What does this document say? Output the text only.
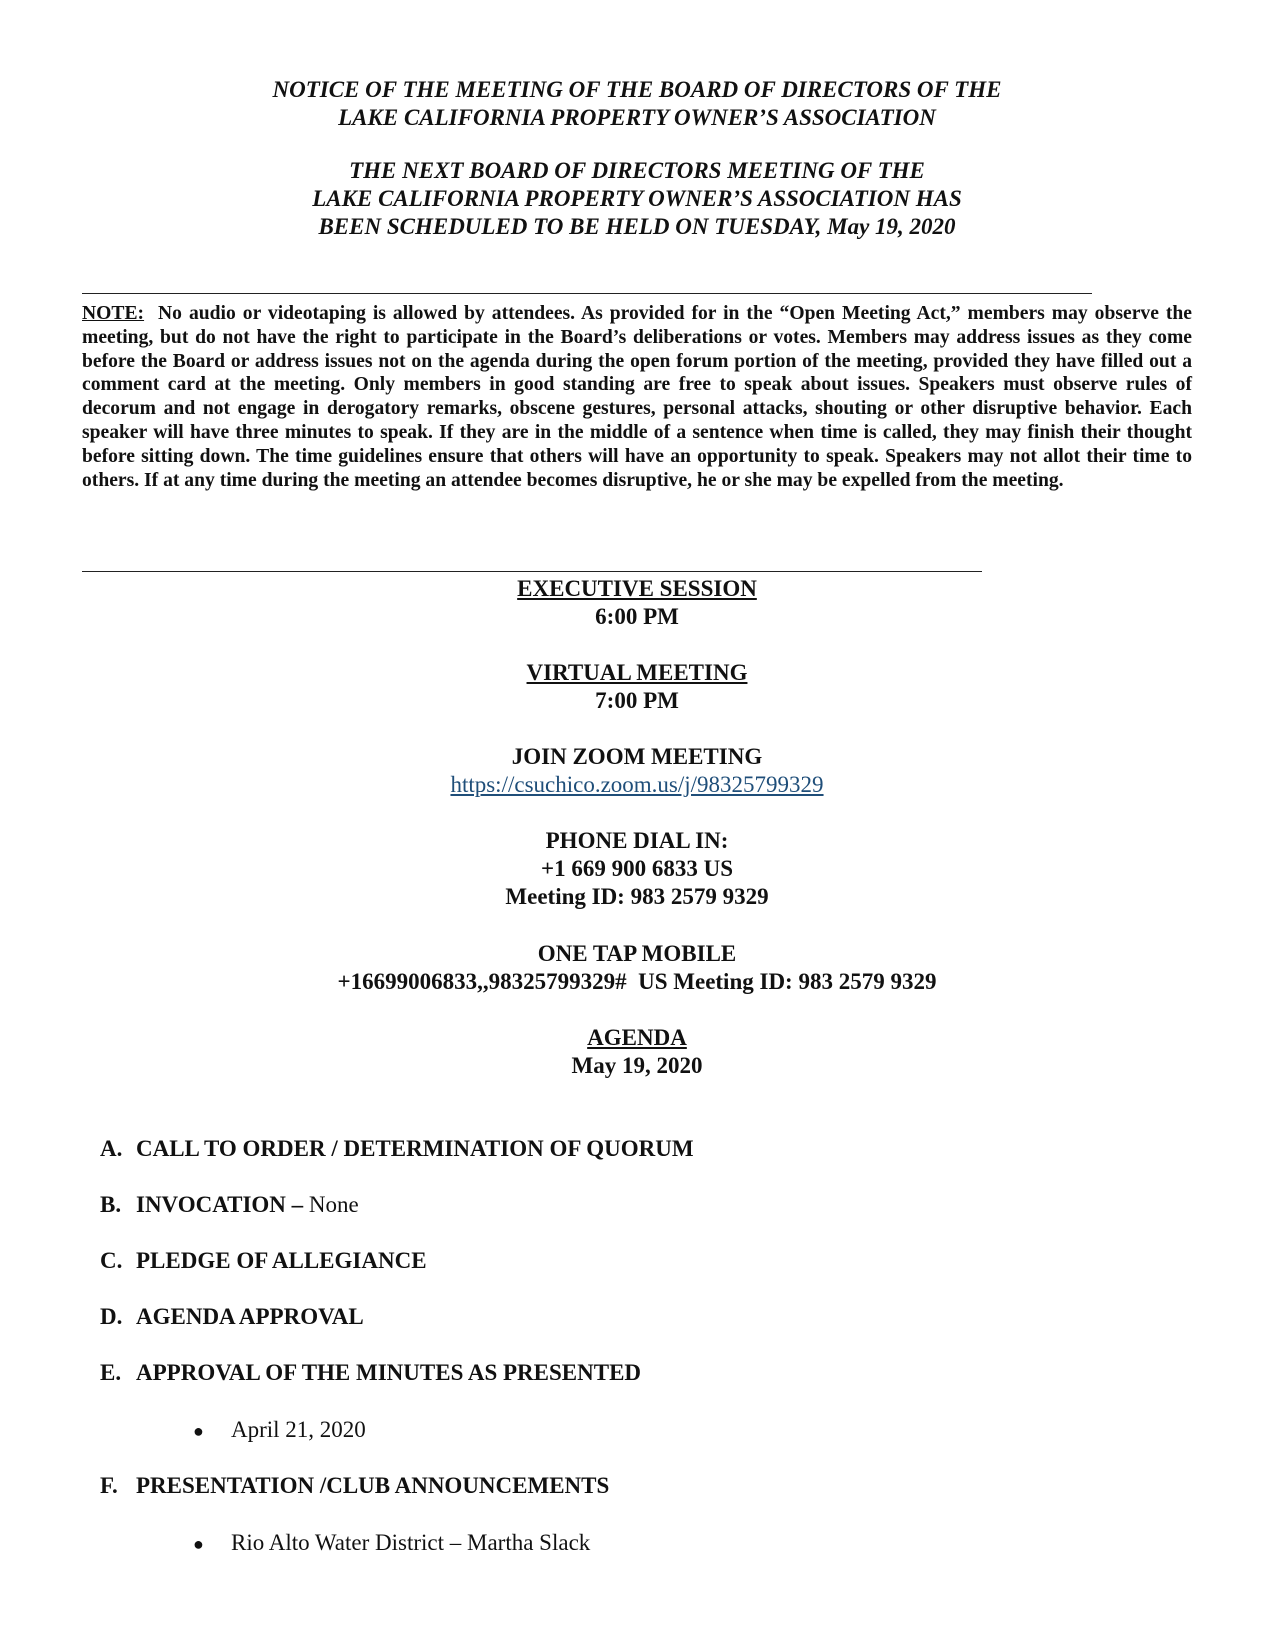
NOTICE OF THE MEETING OF THE BOARD OF DIRECTORS OF THE
LAKE CALIFORNIA PROPERTY OWNER’S ASSOCIATION
THE NEXT BOARD OF DIRECTORS MEETING OF THE
LAKE CALIFORNIA PROPERTY OWNER’S ASSOCIATION HAS
BEEN SCHEDULED TO BE HELD ON TUESDAY, May 19, 2020

NOTE: No audio or videotaping is allowed by attendees. As provided for in the “Open Meeting Act,” members may observe the meeting, but do not have the right to participate in the Board’s deliberations or votes. Members may address issues as they come before the Board or address issues not on the agenda during the open forum portion of the meeting, provided they have filled out a comment card at the meeting. Only members in good standing are free to speak about issues. Speakers must observe rules of decorum and not engage in derogatory remarks, obscene gestures, personal attacks, shouting or other disruptive behavior. Each speaker will have three minutes to speak. If they are in the middle of a sentence when time is called, they may finish their thought before sitting down. The time guidelines ensure that others will have an opportunity to speak. Speakers may not allot their time to others. If at any time during the meeting an attendee becomes disruptive, he or she may be expelled from the meeting.

EXECUTIVE SESSION
6:00 PM
VIRTUAL MEETING
7:00 PM
JOIN ZOOM MEETING
https://csuchico.zoom.us/j/98325799329
PHONE DIAL IN:
+1 669 900 6833 US
Meeting ID: 983 2579 9329
ONE TAP MOBILE
+16699006833,,98325799329#  US Meeting ID: 983 2579 9329
AGENDA
May 19, 2020
A. CALL TO ORDER / DETERMINATION OF QUORUM
B. INVOCATION – None
C. PLEDGE OF ALLEGIANCE
D. AGENDA APPROVAL
E. APPROVAL OF THE MINUTES AS PRESENTED
● April 21, 2020
F. PRESENTATION /CLUB ANNOUNCEMENTS
● Rio Alto Water District – Martha Slack
